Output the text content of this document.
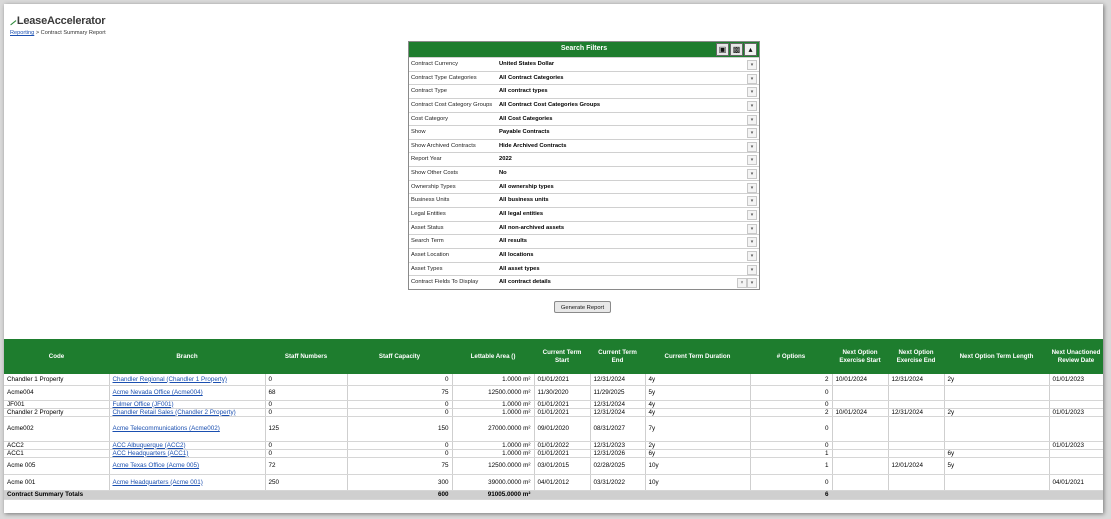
⸝LeaseAccelerator
Reporting > Contract Summary Report
Search Filters	▣ ▩	▴
Contract Currency	United States Dollar	▾
Contract Type Categories	All Contract Categories	▾
Contract Type	All contract types	▾
Contract Cost Category Groups All Contract Cost Categories Groups	▾
Cost Category	All Cost Categories	▾
Show	Payable Contracts	▾
Show Archived Contracts	Hide Archived Contracts	▾
Report Year	2022	▾
Show Other Costs	No	▾
Ownership Types	All ownership types	▾
Business Units	All business units	▾
Legal Entities	All legal entities	▾
Asset Status	All non-archived assets	▾
Search Term	All results	▾
Asset Location	All locations	▾
Asset Types	All asset types	▾
Contract Fields To Display	All contract details	▾
×
Generate Report
Code	Branch	Staff Numbers	Staff Capacity	Lettable Area ()	Current Term Start	Current Term End	Current Term Duration	# Options	Next Option Exercise Start	Next Option Exercise End	Next Option Term Length	Next Unactioned Review Date
Chandler 1 Property	Chandler Regional (Chandler 1 Property)	0	0	1.0000 m²	01/01/2021	12/31/2024	4y	2	10/01/2024	12/31/2024	2y	01/01/2023
Acme004	Acme Nevada Office (Acme004)	68	75	12500.0000 m²	11/30/2020	11/29/2025	5y	0				
JF001	Fulmer Office (JF001)	0	0	1.0000 m²	01/01/2021	12/31/2024	4y	0				
Chandler 2 Property	Chandler Retail Sales (Chandler 2 Property)	0	0	1.0000 m²	01/01/2021	12/31/2024	4y	2	10/01/2024	12/31/2024	2y	01/01/2023
Acme002	Acme Telecommunications (Acme002)	125	150	27000.0000 m²	09/01/2020	08/31/2027	7y	0				
ACC2	ACC Albuquerque (ACC2)	0	0	1.0000 m²	01/01/2022	12/31/2023	2y	0				01/01/2023
ACC1	ACC Headquarters (ACC1)	0	0	1.0000 m²	01/01/2021	12/31/2026	6y	1			6y	
Acme 005	Acme Texas Office (Acme 005)	72	75	12500.0000 m²	03/01/2015	02/28/2025	10y	1		12/01/2024	5y	
Acme 001	Acme Headquarters (Acme 001)	250	300	39000.0000 m²	04/01/2012	03/31/2022	10y	0				04/01/2021
Contract Summary Totals			600	91005.0000 m²				6				
